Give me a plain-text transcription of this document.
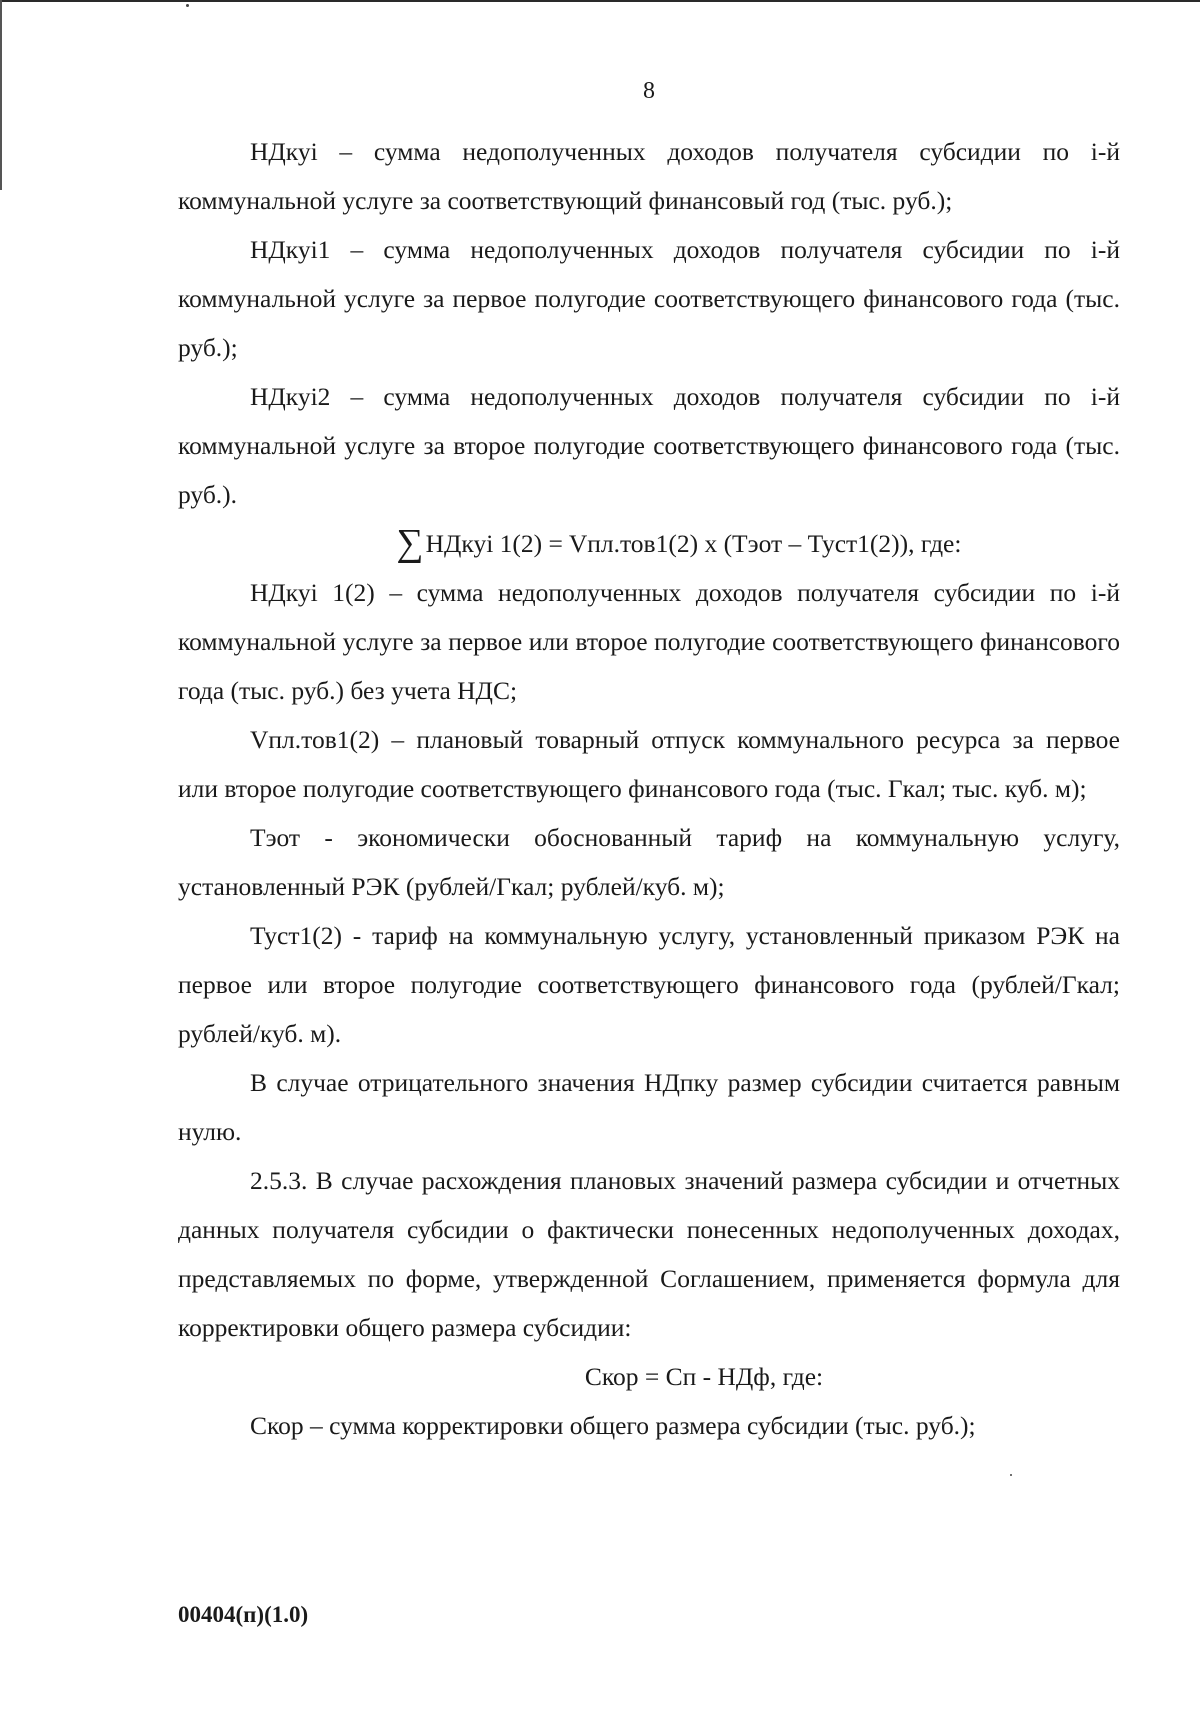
8

НДкуi – сумма недополученных доходов получателя субсидии по i-й коммунальной услуге за соответствующий финансовый год (тыс. руб.);

НДкуi1 – сумма недополученных доходов получателя субсидии по i-й коммунальной услуге за первое полугодие соответствующего финансового года (тыс. руб.);

НДкуi2 – сумма недополученных доходов получателя субсидии по i-й коммунальной услуге за второе полугодие соответствующего финансового года (тыс. руб.).

∑НДкуi 1(2) = Vпл.тов1(2) х (Тэот – Туст1(2)), где:

НДкуi 1(2) – сумма недополученных доходов получателя субсидии по i-й коммунальной услуге за первое или второе полугодие соответствующего финансового года (тыс. руб.) без учета НДС;

Vпл.тов1(2) – плановый товарный отпуск коммунального ресурса за первое или второе полугодие соответствующего финансового года (тыс. Гкал; тыс. куб. м);

Тэот - экономически обоснованный тариф на коммунальную услугу, установленный РЭК (рублей/Гкал; рублей/куб. м);

Туст1(2) - тариф на коммунальную услугу, установленный приказом РЭК на первое или второе полугодие соответствующего финансового года (рублей/Гкал; рублей/куб. м).

В случае отрицательного значения НДпку размер субсидии считается равным нулю.

2.5.3. В случае расхождения плановых значений размера субсидии и отчетных данных получателя субсидии о фактически понесенных недополученных доходах, представляемых по форме, утвержденной Соглашением, применяется формула для корректировки общего размера субсидии:

Скор = Сп - НДф, где:

Скор – сумма корректировки общего размера субсидии (тыс. руб.);

00404(п)(1.0)
